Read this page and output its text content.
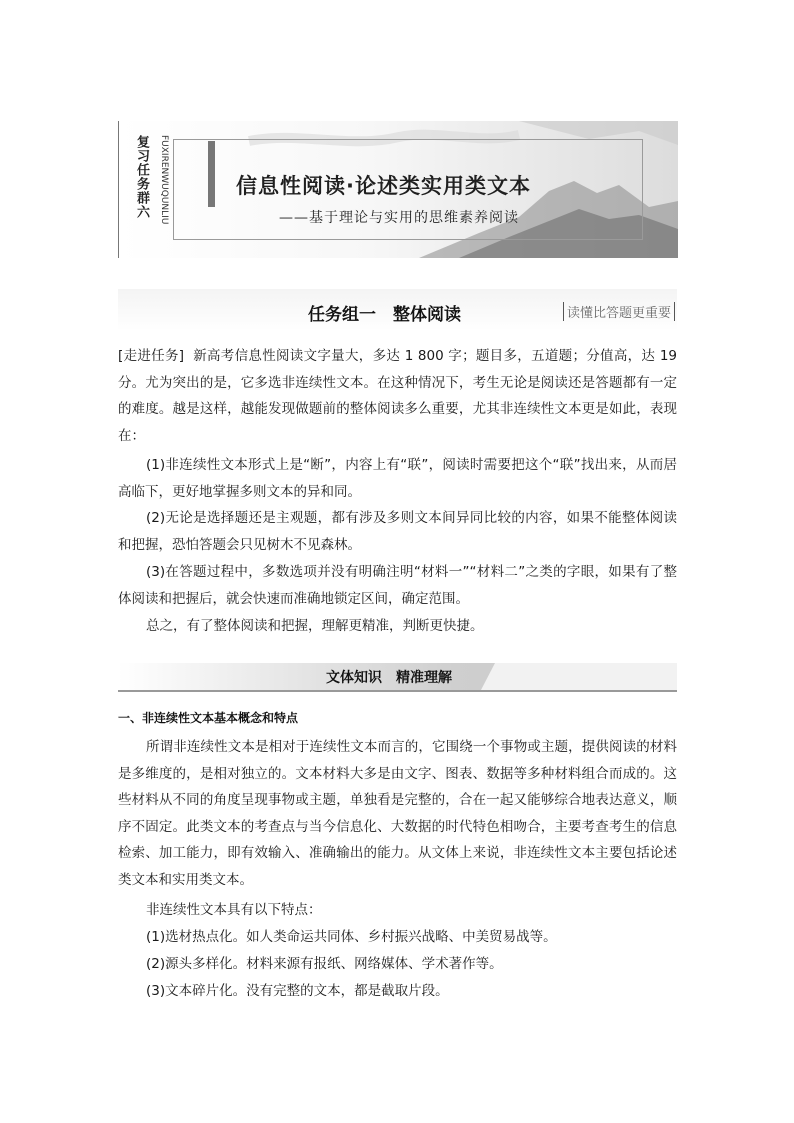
复习任务群六 FUXIRENWUQUNLIU	信息性阅读·论述类实用类文本
——基于理论与实用的思维素养阅读
任务组一　整体阅读	读懂比答题更重要

[走进任务] 新高考信息性阅读文字量大，多达 1 800 字；题目多，五道题；分值高，达 19 分。尤为突出的是，它多选非连续性文本。在这种情况下，考生无论是阅读还是答题都有一定的难度。越是这样，越能发现做题前的整体阅读多么重要，尤其非连续性文本更是如此，表现在：

(1)非连续性文本形式上是“断”，内容上有“联”，阅读时需要把这个“联”找出来，从而居高临下，更好地掌握多则文本的异和同。

(2)无论是选择题还是主观题，都有涉及多则文本间异同比较的内容，如果不能整体阅读和把握，恐怕答题会只见树木不见森林。

(3)在答题过程中，多数选项并没有明确注明“材料一”“材料二”之类的字眼，如果有了整体阅读和把握后，就会快速而准确地锁定区间，确定范围。

总之，有了整体阅读和把握，理解更精准，判断更快捷。

文体知识　精准理解
一、非连续性文本基本概念和特点

所谓非连续性文本是相对于连续性文本而言的，它围绕一个事物或主题，提供阅读的材料是多维度的，是相对独立的。文本材料大多是由文字、图表、数据等多种材料组合而成的。这些材料从不同的角度呈现事物或主题，单独看是完整的，合在一起又能够综合地表达意义，顺序不固定。此类文本的考查点与当今信息化、大数据的时代特色相吻合，主要考查考生的信息检索、加工能力，即有效输入、准确输出的能力。从文体上来说，非连续性文本主要包括论述类文本和实用类文本。

非连续性文本具有以下特点：

(1)选材热点化。如人类命运共同体、乡村振兴战略、中美贸易战等。

(2)源头多样化。材料来源有报纸、网络媒体、学术著作等。

(3)文本碎片化。没有完整的文本，都是截取片段。
